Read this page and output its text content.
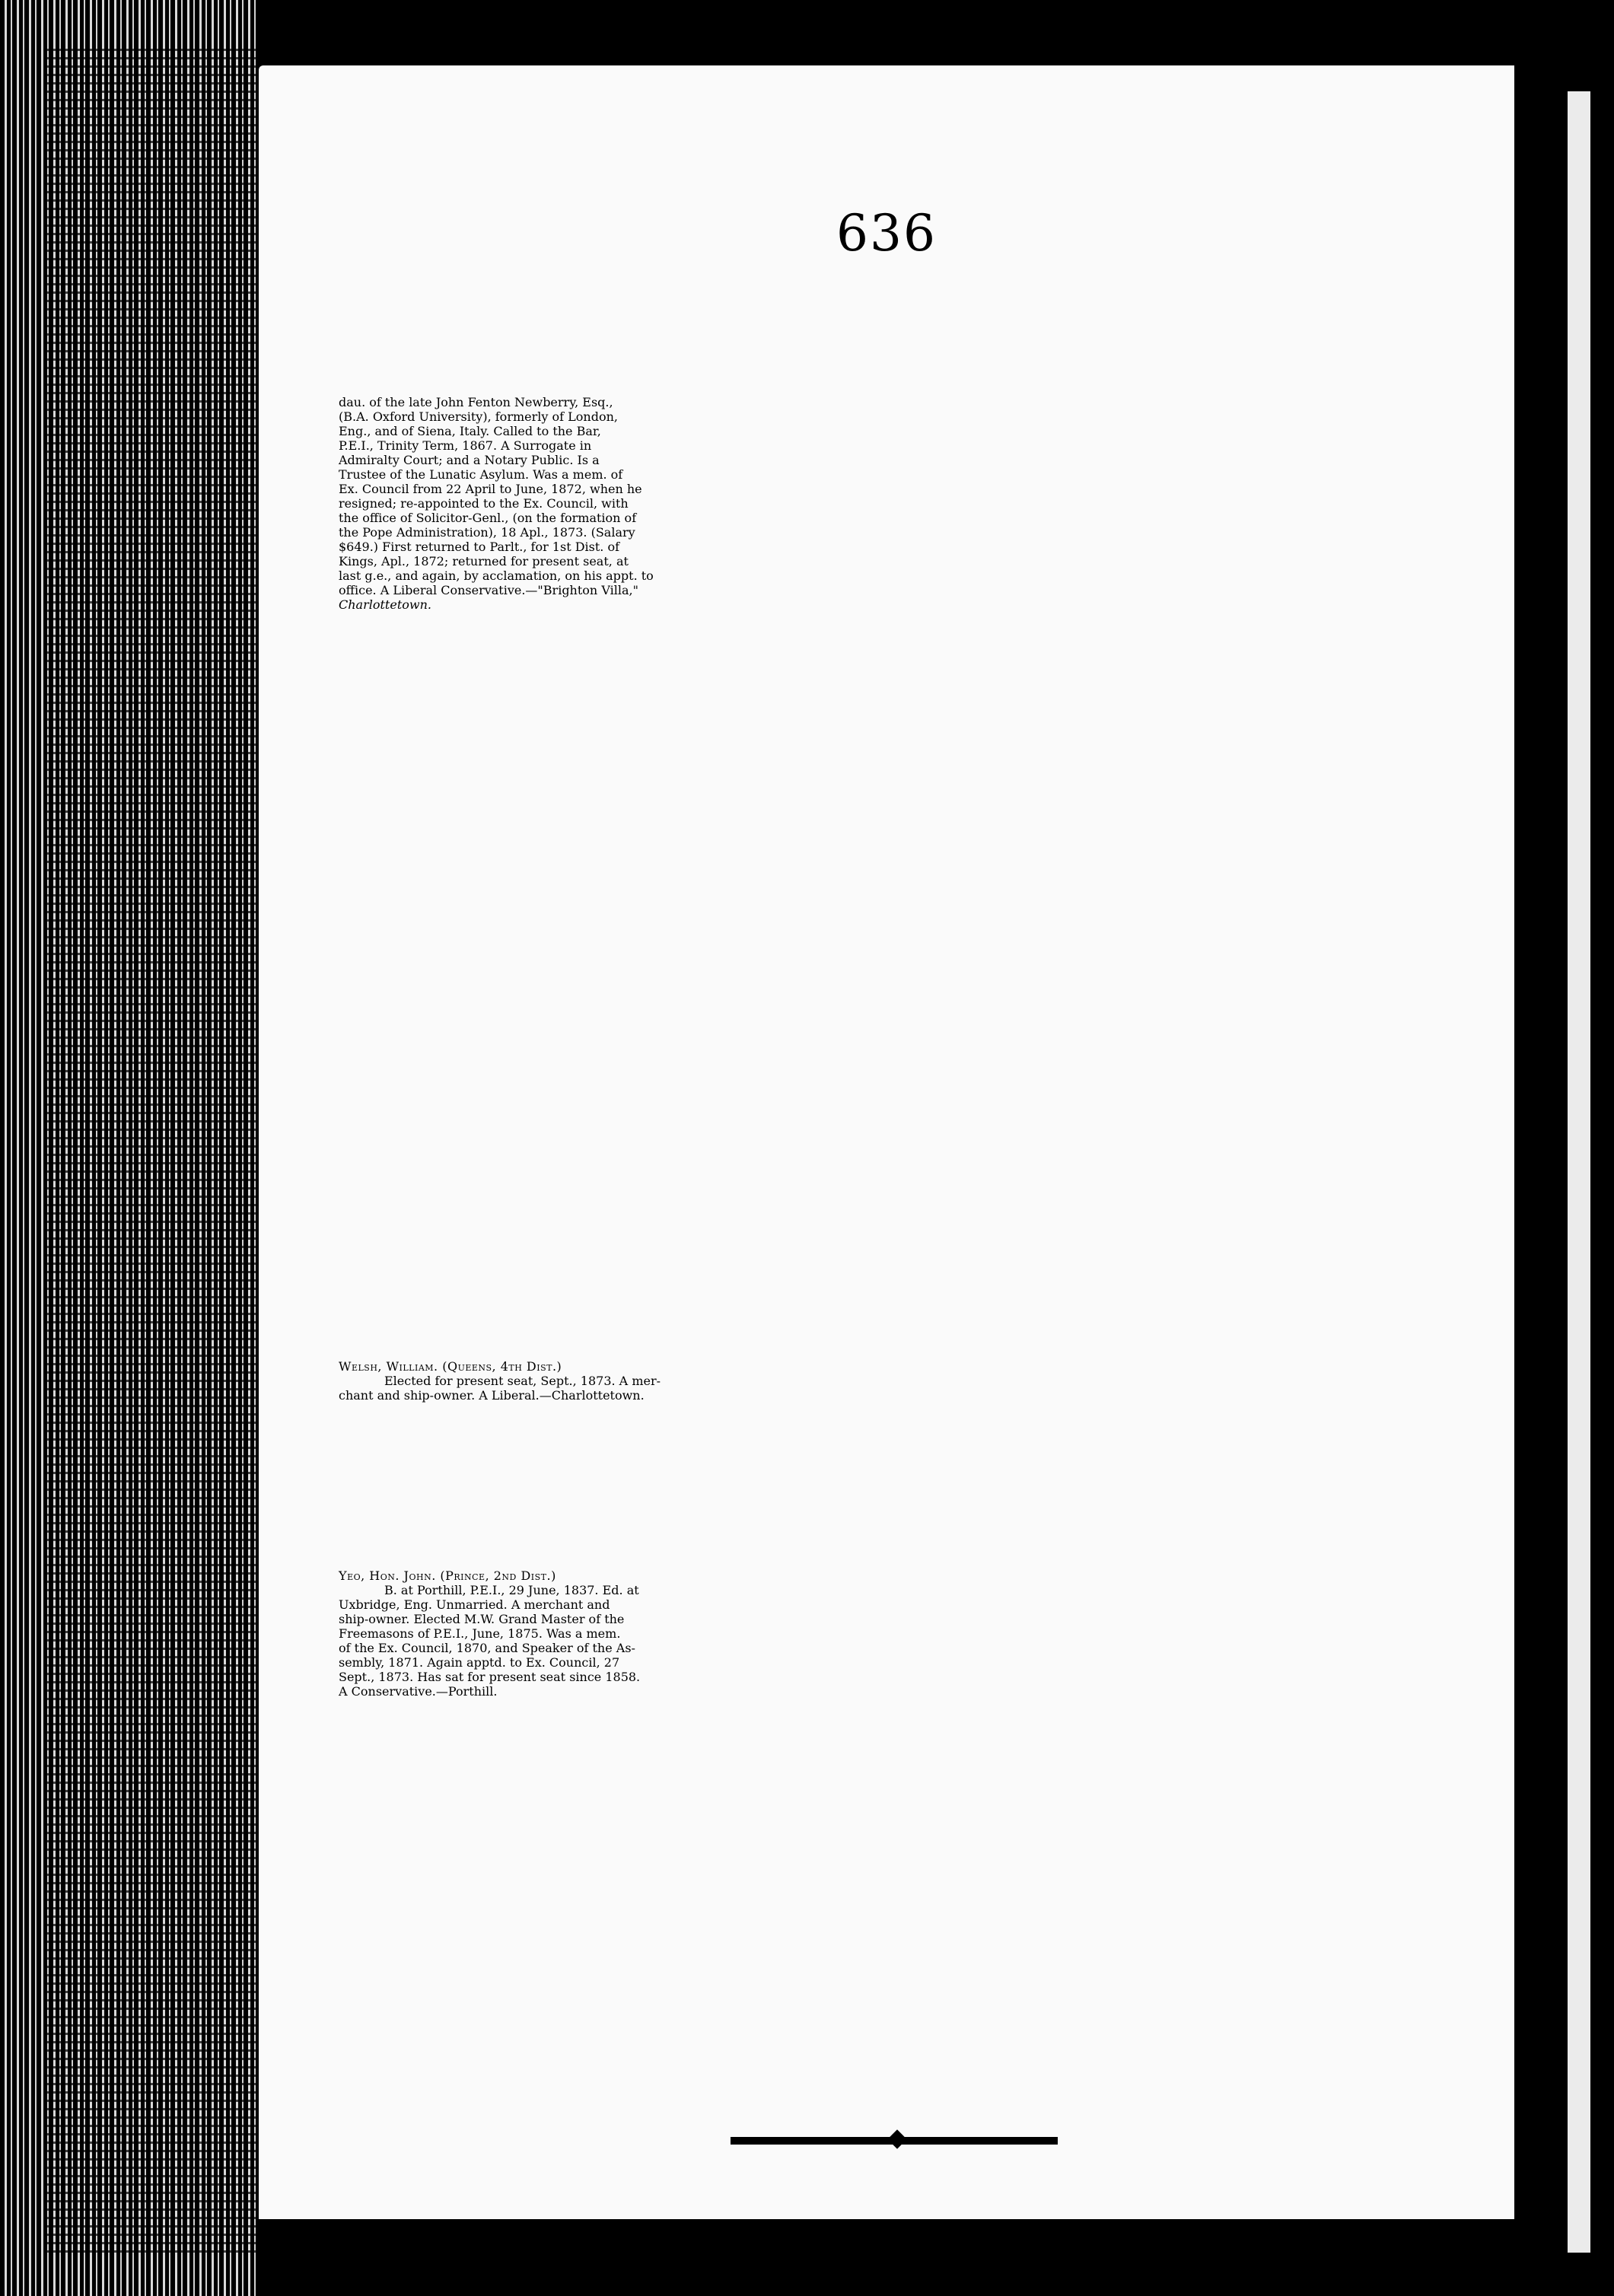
636
dau. of the late John Fenton Newberry, Esq.,
(B.A. Oxford University), formerly of London,
Eng., and of Siena, Italy. Called to the Bar,
P.E.I., Trinity Term, 1867. A Surrogate in
Admiralty Court; and a Notary Public. Is a
Trustee of the Lunatic Asylum. Was a mem. of
Ex. Council from 22 April to June, 1872, when he
resigned; re-appointed to the Ex. Council, with
the office of Solicitor-Genl., (on the formation of
the Pope Administration), 18 Apl., 1873. (Salary
$649.) First returned to Parlt., for 1st Dist. of
Kings, Apl., 1872; returned for present seat, at
last g.e., and again, by acclamation, on his appt. to
office. A Liberal Conservative.—"Brighton Villa,"
Charlottetown.
Welsh, William. (Queens, 4th Dist.)
Elected for present seat, Sept., 1873. A mer-
chant and ship-owner. A Liberal.—Charlottetown.
Yeo, Hon. John. (Prince, 2nd Dist.)
B. at Porthill, P.E.I., 29 June, 1837. Ed. at
Uxbridge, Eng. Unmarried. A merchant and
ship-owner. Elected M.W. Grand Master of the
Freemasons of P.E.I., June, 1875. Was a mem.
of the Ex. Council, 1870, and Speaker of the As-
sembly, 1871. Again apptd. to Ex. Council, 27
Sept., 1873. Has sat for present seat since 1858.
A Conservative.—Porthill.
